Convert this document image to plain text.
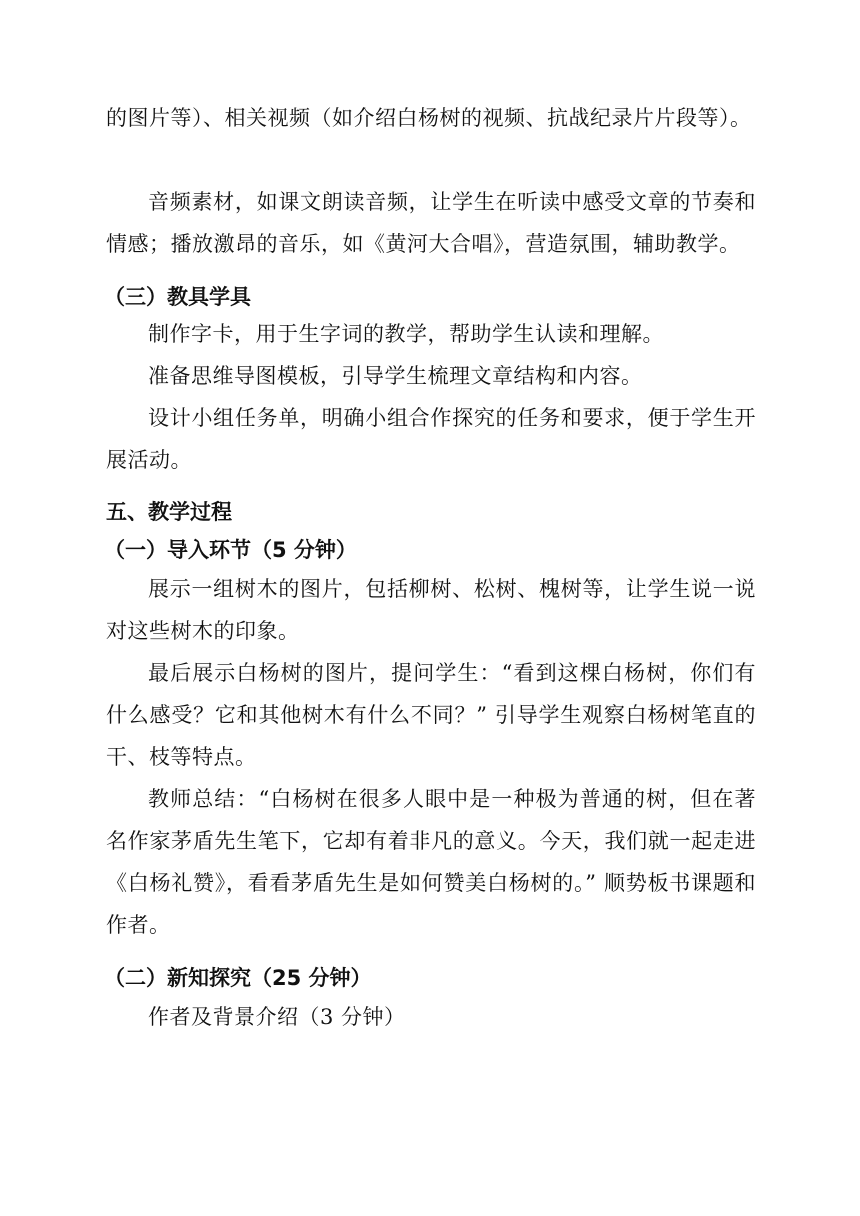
的图片等）、相关视频（如介绍白杨树的视频、抗战纪录片片段等）。

音频素材，如课文朗读音频，让学生在听读中感受文章的节奏和情感；播放激昂的音乐，如《黄河大合唱》，营造氛围，辅助教学。

（三）教具学具

制作字卡，用于生字词的教学，帮助学生认读和理解。

准备思维导图模板，引导学生梳理文章结构和内容。

设计小组任务单，明确小组合作探究的任务和要求，便于学生开展活动。

五、教学过程
（一）导入环节（5 分钟）

展示一组树木的图片，包括柳树、松树、槐树等，让学生说一说对这些树木的印象。

最后展示白杨树的图片，提问学生：“看到这棵白杨树，你们有什么感受？它和其他树木有什么不同？” 引导学生观察白杨树笔直的干、枝等特点。

教师总结：“白杨树在很多人眼中是一种极为普通的树，但在著名作家茅盾先生笔下，它却有着非凡的意义。今天，我们就一起走进《白杨礼赞》，看看茅盾先生是如何赞美白杨树的。” 顺势板书课题和作者。

（二）新知探究（25 分钟）

作者及背景介绍（3 分钟）
